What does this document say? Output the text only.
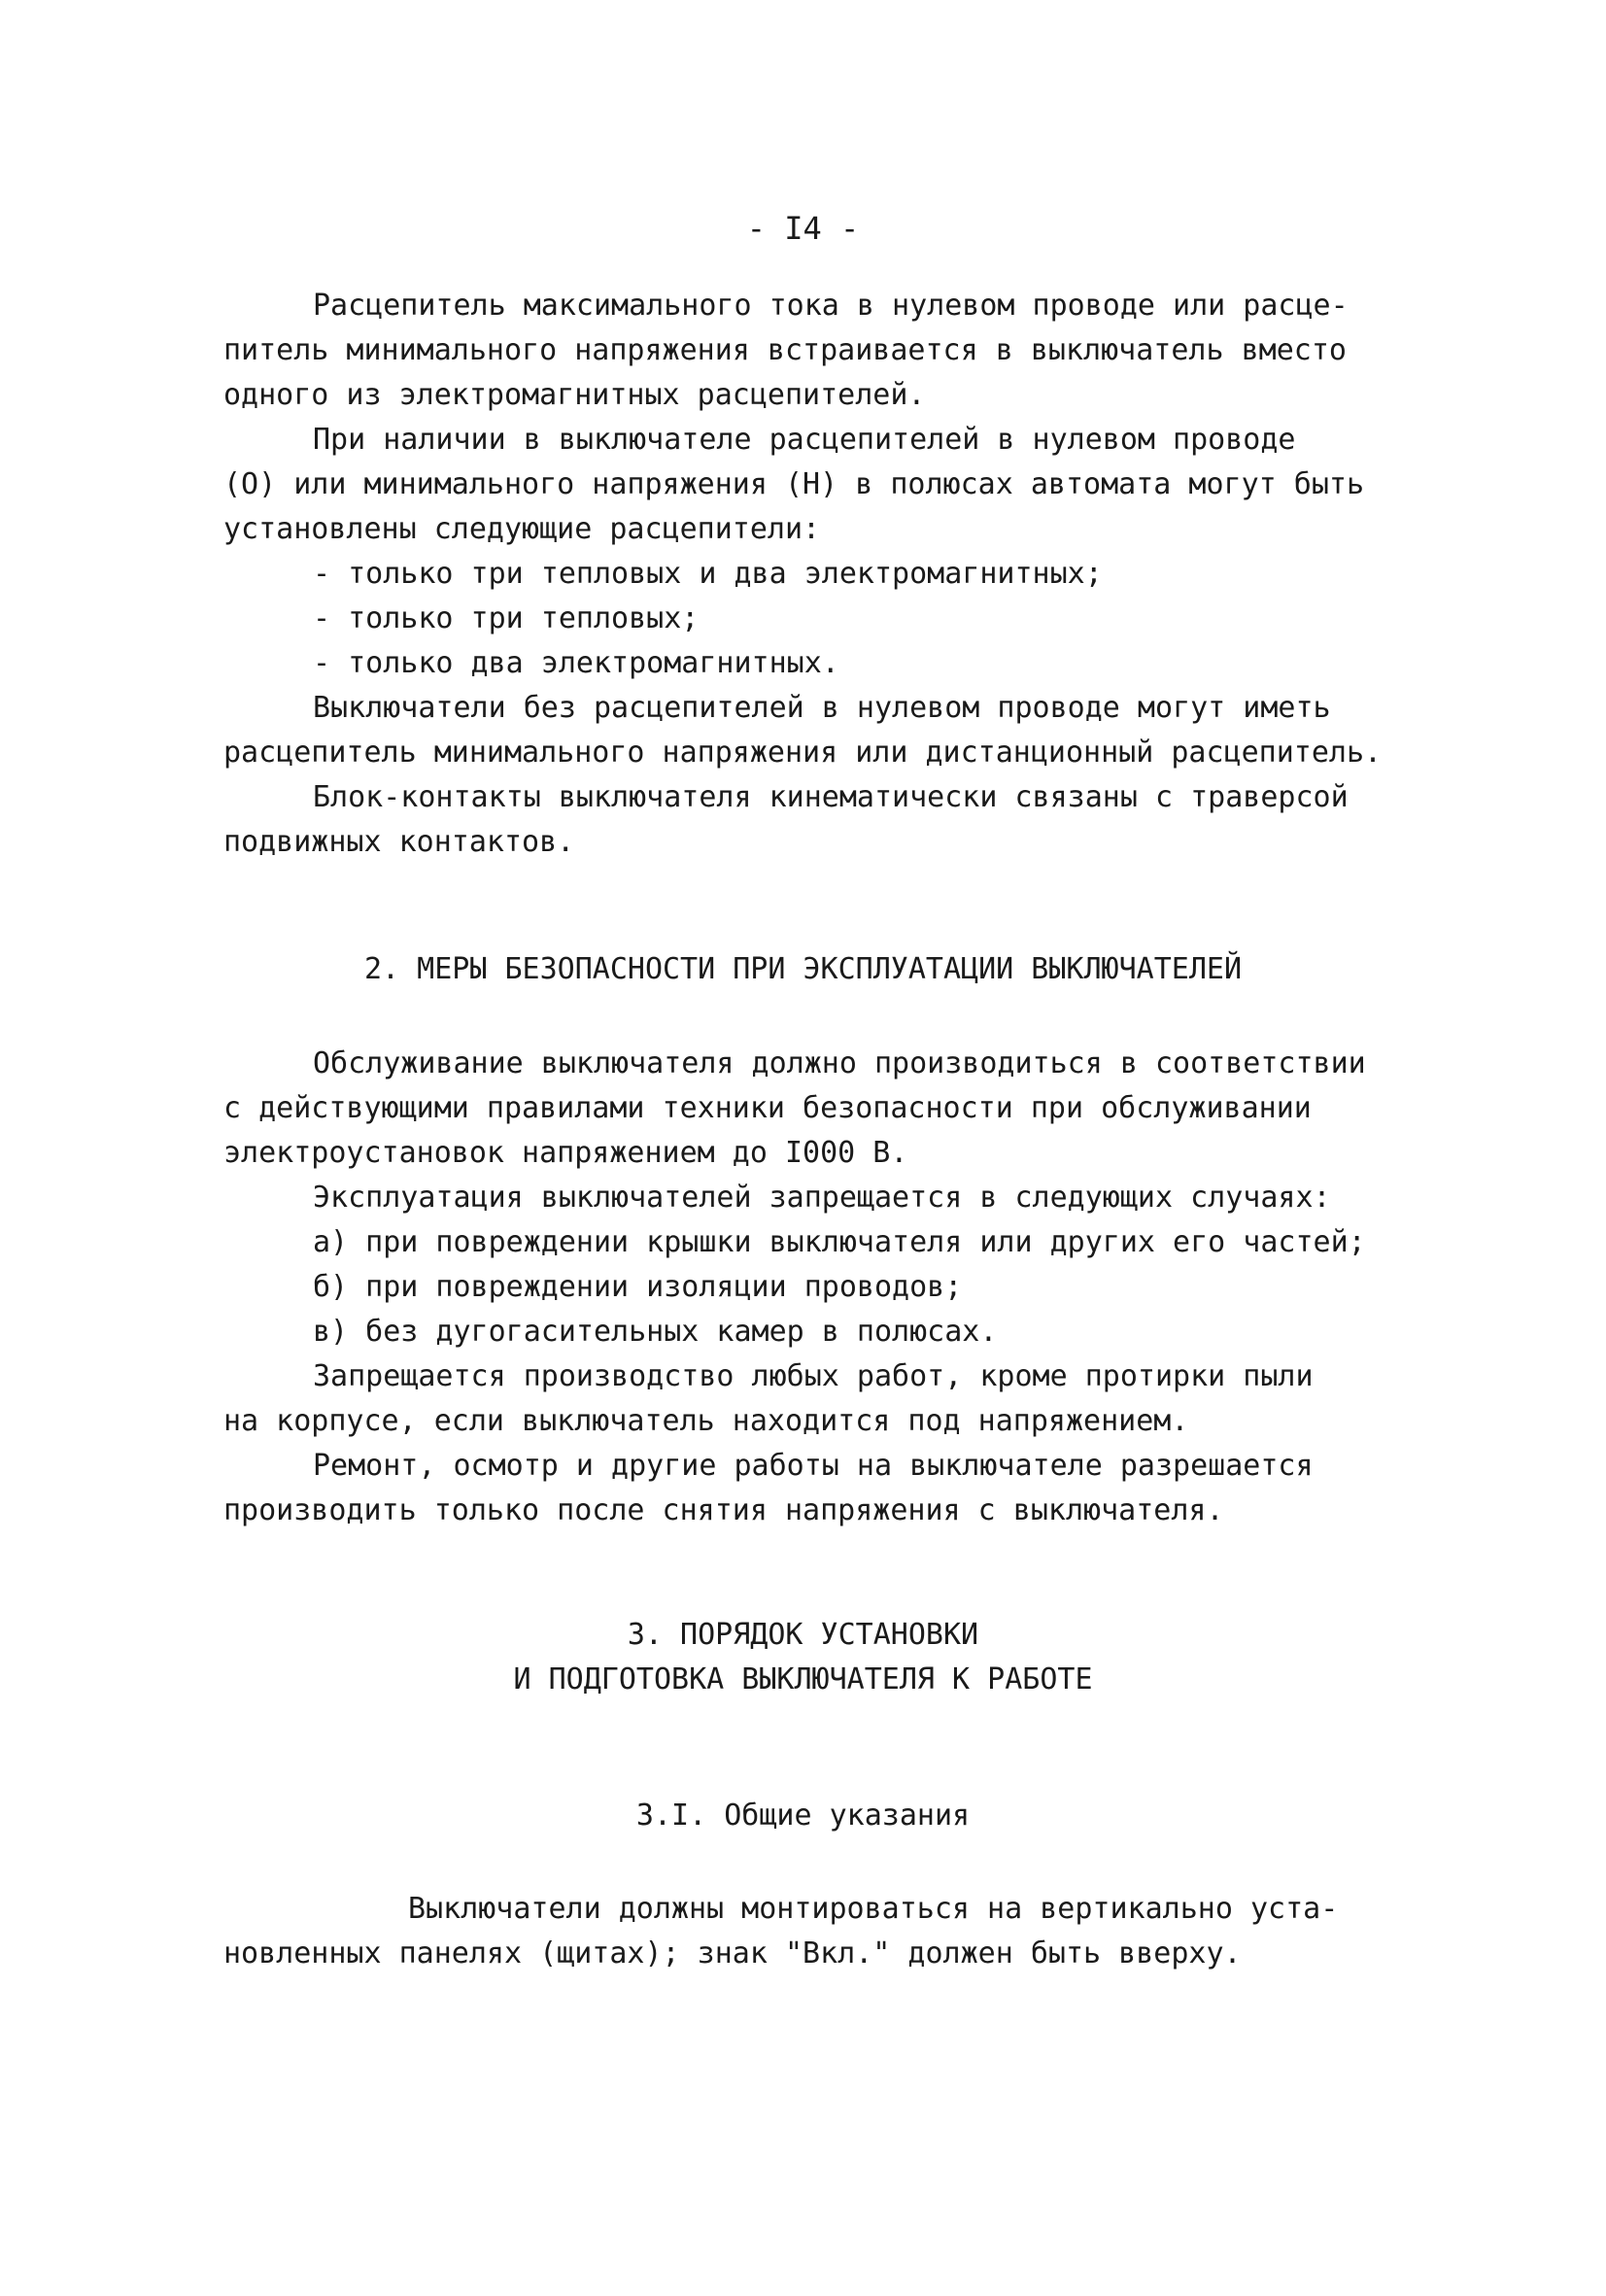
- I4 -
Расцепитель максимального тока в нулевом проводе или расце-
питель минимального напряжения встраивается в выключатель вместо
одного из электромагнитных расцепителей.
При наличии в выключателе расцепителей в нулевом проводе
(О) или минимального напряжения (Н) в полюсах автомата могут быть
установлены следующие расцепители:
- только три тепловых и два электромагнитных;
- только три тепловых;
- только два электромагнитных.
Выключатели без расцепителей в нулевом проводе могут иметь
расцепитель минимального напряжения или дистанционный расцепитель.
Блок-контакты выключателя кинематически связаны с траверсой
подвижных контактов.
2. МЕРЫ БЕЗОПАСНОСТИ ПРИ ЭКСПЛУАТАЦИИ ВЫКЛЮЧАТЕЛЕЙ
Обслуживание выключателя должно производиться в соответствии
с действующими правилами техники безопасности при обслуживании
электроустановок напряжением до I000 В.
Эксплуатация выключателей запрещается в следующих случаях:
а) при повреждении крышки выключателя или других его частей;
б) при повреждении изоляции проводов;
в) без дугогасительных камер в полюсах.
Запрещается производство любых работ, кроме протирки пыли
на корпусе, если выключатель находится под напряжением.
Ремонт, осмотр и другие работы на выключателе разрешается
производить только после снятия напряжения с выключателя.
3. ПОРЯДОК УСТАНОВКИ
И ПОДГОТОВКА ВЫКЛЮЧАТЕЛЯ К РАБОТЕ
3.I. Общие указания
Выключатели должны монтироваться на вертикально уста-
новленных панелях (щитах); знак "Вкл." должен быть вверху.
